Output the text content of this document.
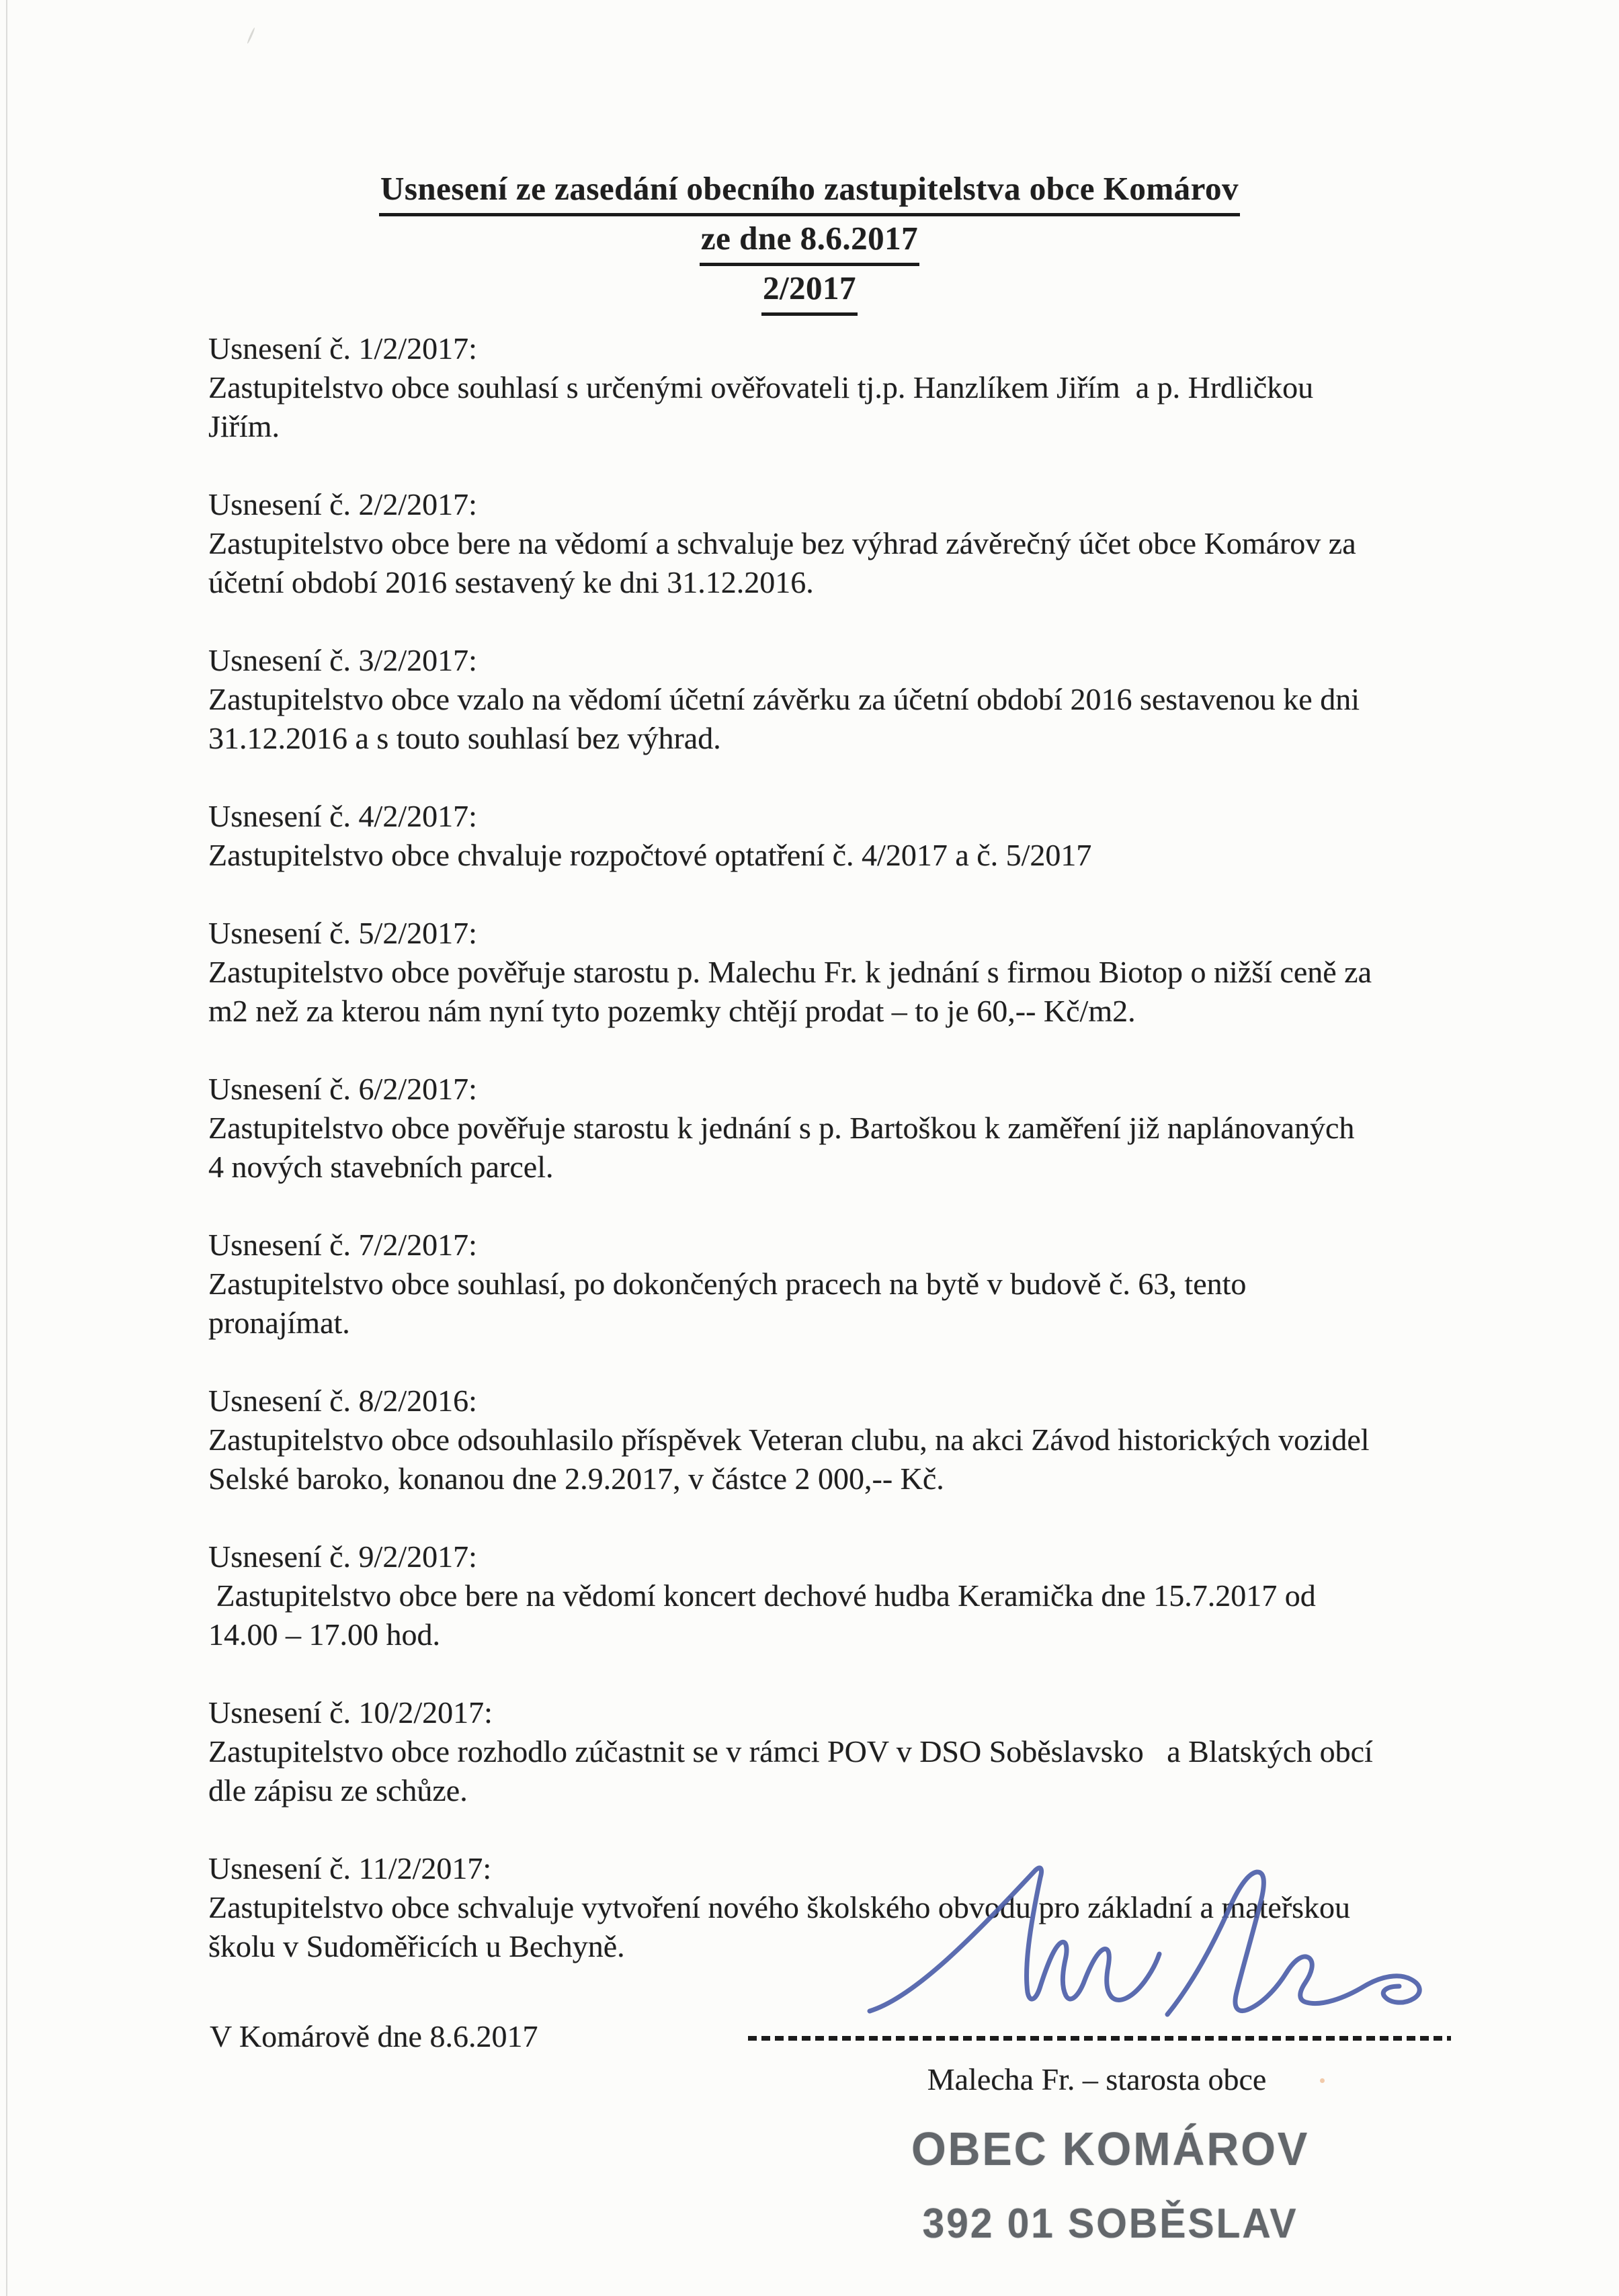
Usnesení ze zasedání obecního zastupitelstva obce Komárov
ze dne 8.6.2017
2/2017
Usnesení č. 1/2/2017:
Zastupitelstvo obce souhlasí s určenými ověřovateli tj.p. Hanzlíkem Jiřím  a p. Hrdličkou
Jiřím.
Usnesení č. 2/2/2017:
Zastupitelstvo obce bere na vědomí a schvaluje bez výhrad závěrečný účet obce Komárov za
účetní období 2016 sestavený ke dni 31.12.2016.
Usnesení č. 3/2/2017:
Zastupitelstvo obce vzalo na vědomí účetní závěrku za účetní období 2016 sestavenou ke dni
31.12.2016 a s touto souhlasí bez výhrad.
Usnesení č. 4/2/2017:
Zastupitelstvo obce chvaluje rozpočtové optatření č. 4/2017 a č. 5/2017
Usnesení č. 5/2/2017:
Zastupitelstvo obce pověřuje starostu p. Malechu Fr. k jednání s firmou Biotop o nižší ceně za
m2 než za kterou nám nyní tyto pozemky chtějí prodat – to je 60,-- Kč/m2.
Usnesení č. 6/2/2017:
Zastupitelstvo obce pověřuje starostu k jednání s p. Bartoškou k zaměření již naplánovaných
4 nových stavebních parcel.
Usnesení č. 7/2/2017:
Zastupitelstvo obce souhlasí, po dokončených pracech na bytě v budově č. 63, tento
pronajímat.
Usnesení č. 8/2/2016:
Zastupitelstvo obce odsouhlasilo příspěvek Veteran clubu, na akci Závod historických vozidel
Selské baroko, konanou dne 2.9.2017, v částce 2 000,-- Kč.
Usnesení č. 9/2/2017:
Zastupitelstvo obce bere na vědomí koncert dechové hudba Keramička dne 15.7.2017 od
14.00 – 17.00 hod.
Usnesení č. 10/2/2017:
Zastupitelstvo obce rozhodlo zúčastnit se v rámci POV v DSO Soběslavsko   a Blatských obcí
dle zápisu ze schůze.
Usnesení č. 11/2/2017:
Zastupitelstvo obce schvaluje vytvoření nového školského obvodu pro základní a mateřskou
školu v Sudoměřicích u Bechyně.
V Komárově dne 8.6.2017
Malecha Fr. – starosta obce

OBEC KOMÁROV

392 01 SOBĚSLAV
